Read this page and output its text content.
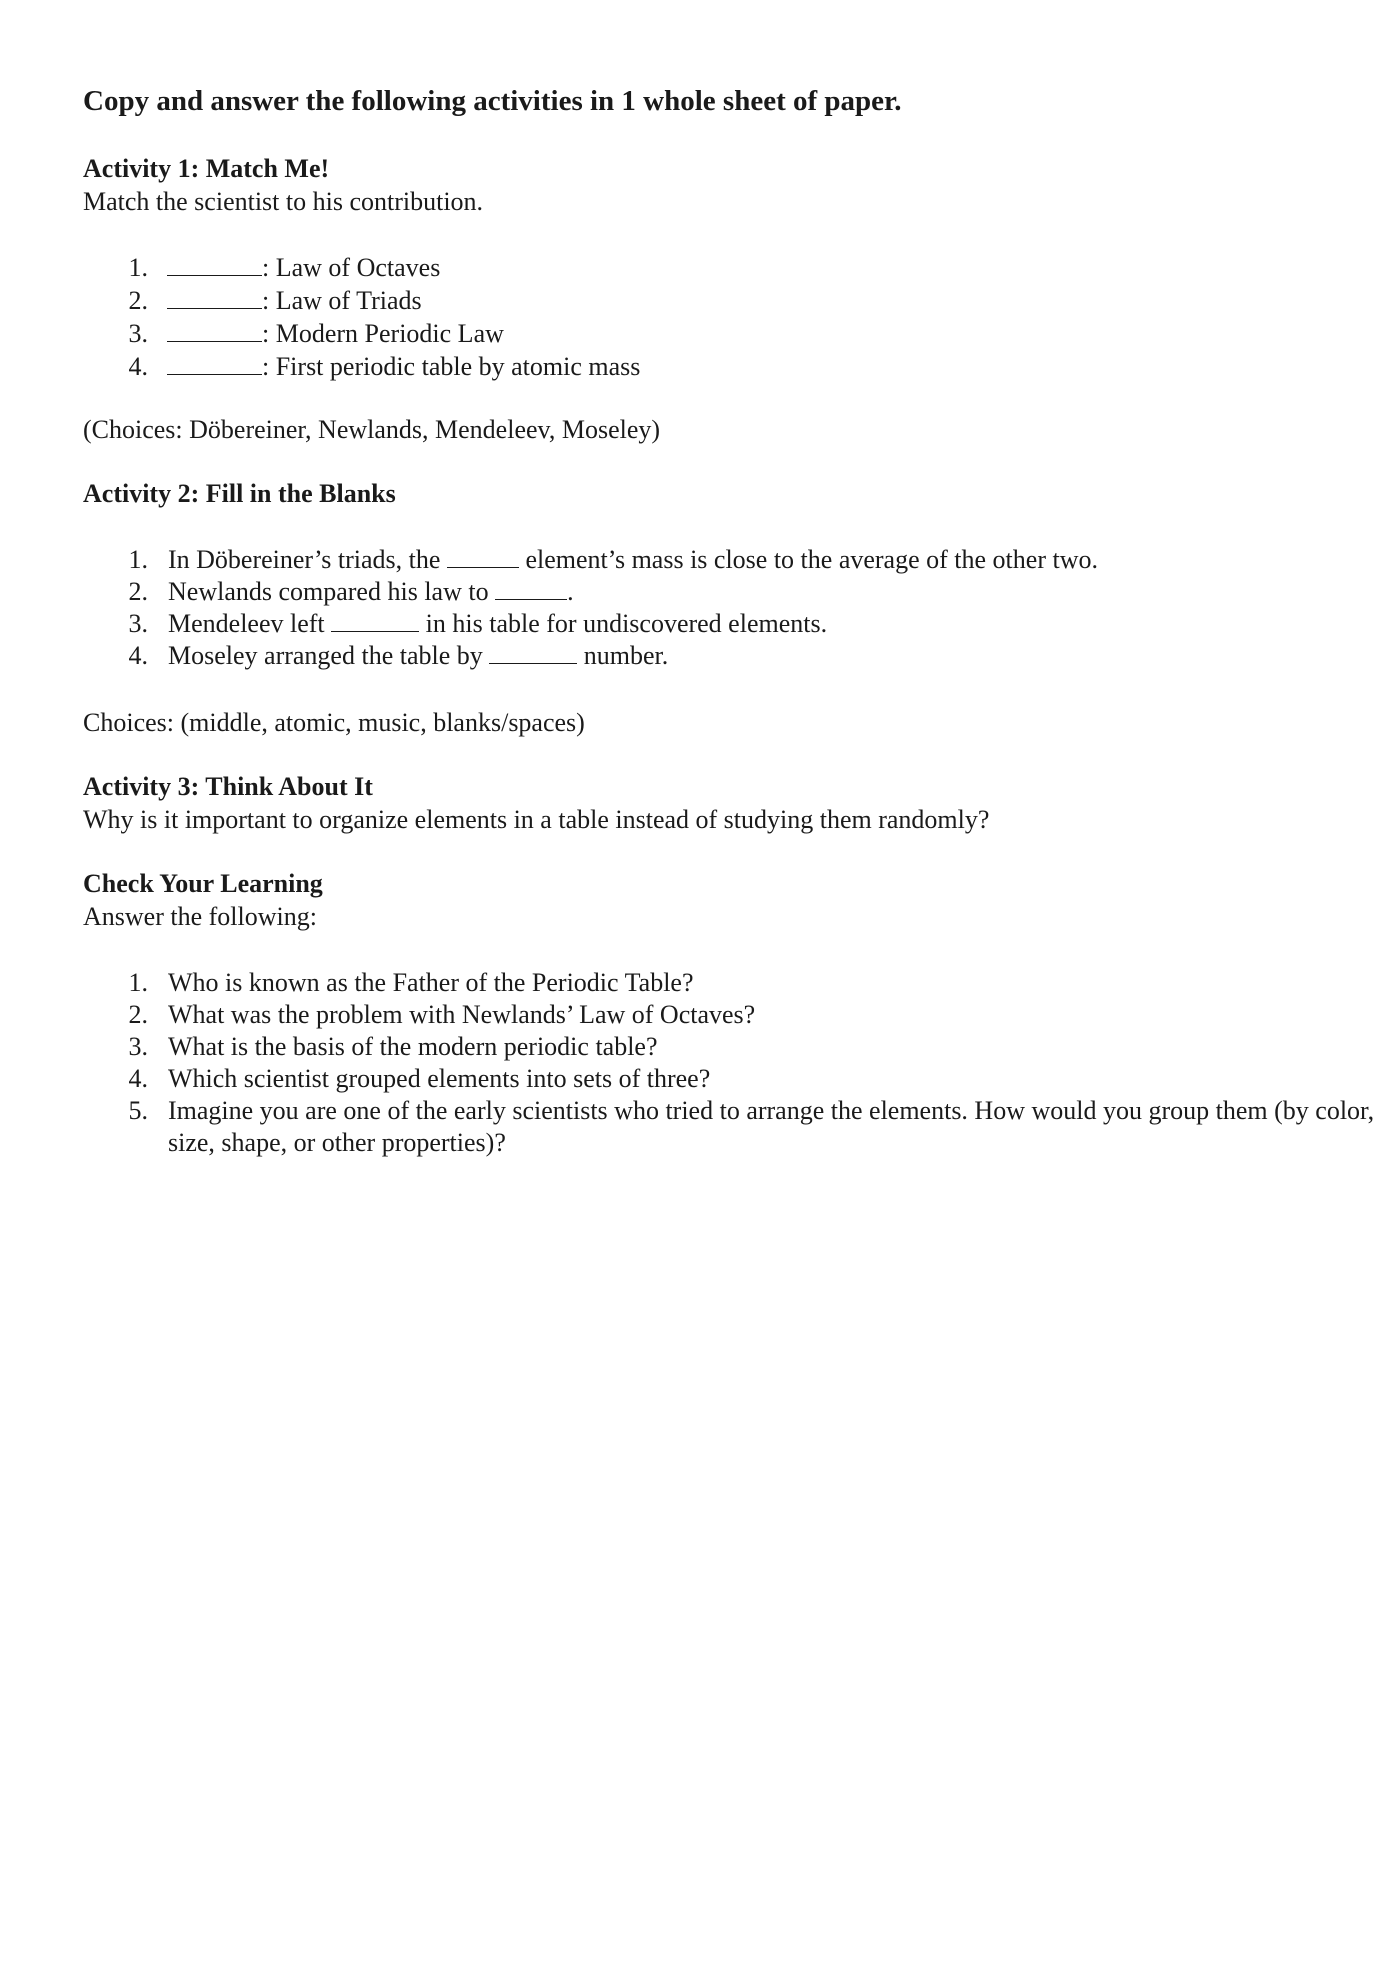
Copy and answer the following activities in 1 whole sheet of paper.
Activity 1: Match Me!
Match the scientist to his contribution.
1.	: Law of Octaves
2.	: Law of Triads
3.	: Modern Periodic Law
4.	: First periodic table by atomic mass
(Choices: Döbereiner, Newlands, Mendeleev, Moseley)
Activity 2: Fill in the Blanks
1. In Döbereiner’s triads, the	element’s mass is close to the average of the other two.
2. Newlands compared his law to	.
3. Mendeleev left	in his table for undiscovered elements.
4. Moseley arranged the table by	number.
Choices: (middle, atomic, music, blanks/spaces)
Activity 3: Think About It
Why is it important to organize elements in a table instead of studying them randomly?
Check Your Learning
Answer the following:
1. Who is known as the Father of the Periodic Table?
2. What was the problem with Newlands’ Law of Octaves?
3. What is the basis of the modern periodic table?
4. Which scientist grouped elements into sets of three?
5. Imagine you are one of the early scientists who tried to arrange the elements. How would you group them (by color, size, shape, or other properties)?
